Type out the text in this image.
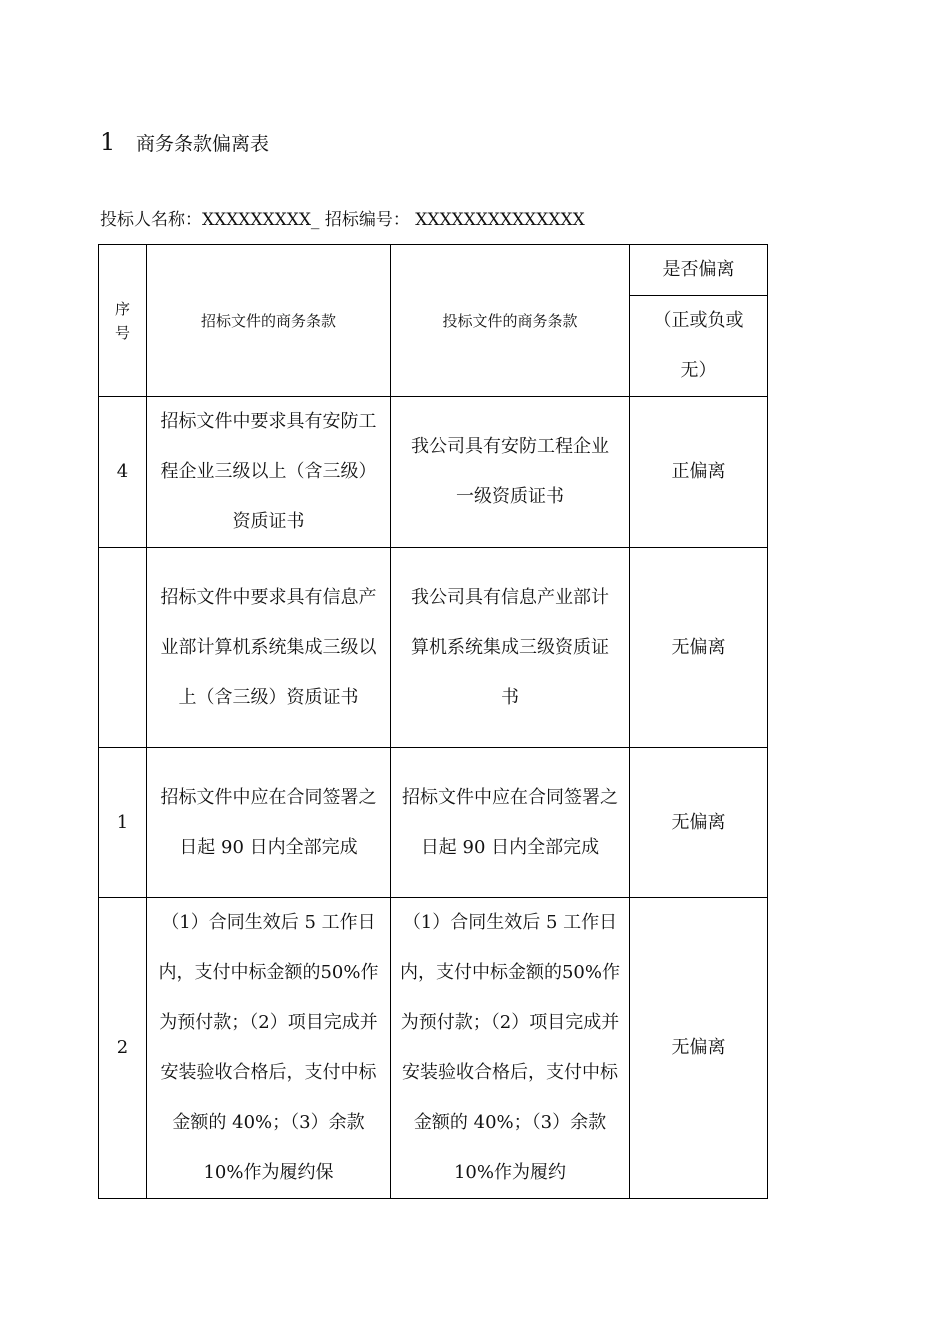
1	商务条款偏离表
投标人名称：XXXXXXXXX_ 招标编号： XXXXXXXXXXXXXX
序号	招标文件的商务条款	投标文件的商务条款	是否偏离
			（正或负或无）
4	招标文件中要求具有安防工程企业三级以上（含三级）资质证书	我公司具有安防工程企业一级资质证书	正偏离
	招标文件中要求具有信息产业部计算机系统集成三级以上（含三级）资质证书	我公司具有信息产业部计算机系统集成三级资质证书	无偏离
1	招标文件中应在合同签署之日起 90 日内全部完成	招标文件中应在合同签署之日起 90 日内全部完成	无偏离
2	（1）合同生效后 5 工作日内，支付中标金额的50%作为预付款；（2）项目完成并安装验收合格后，支付中标金额的 40%；（3）余款 10%作为履约保	（1）合同生效后 5 工作日内，支付中标金额的50%作为预付款；（2）项目完成并安装验收合格后，支付中标金额的 40%；（3）余款 10%作为履约	无偏离
